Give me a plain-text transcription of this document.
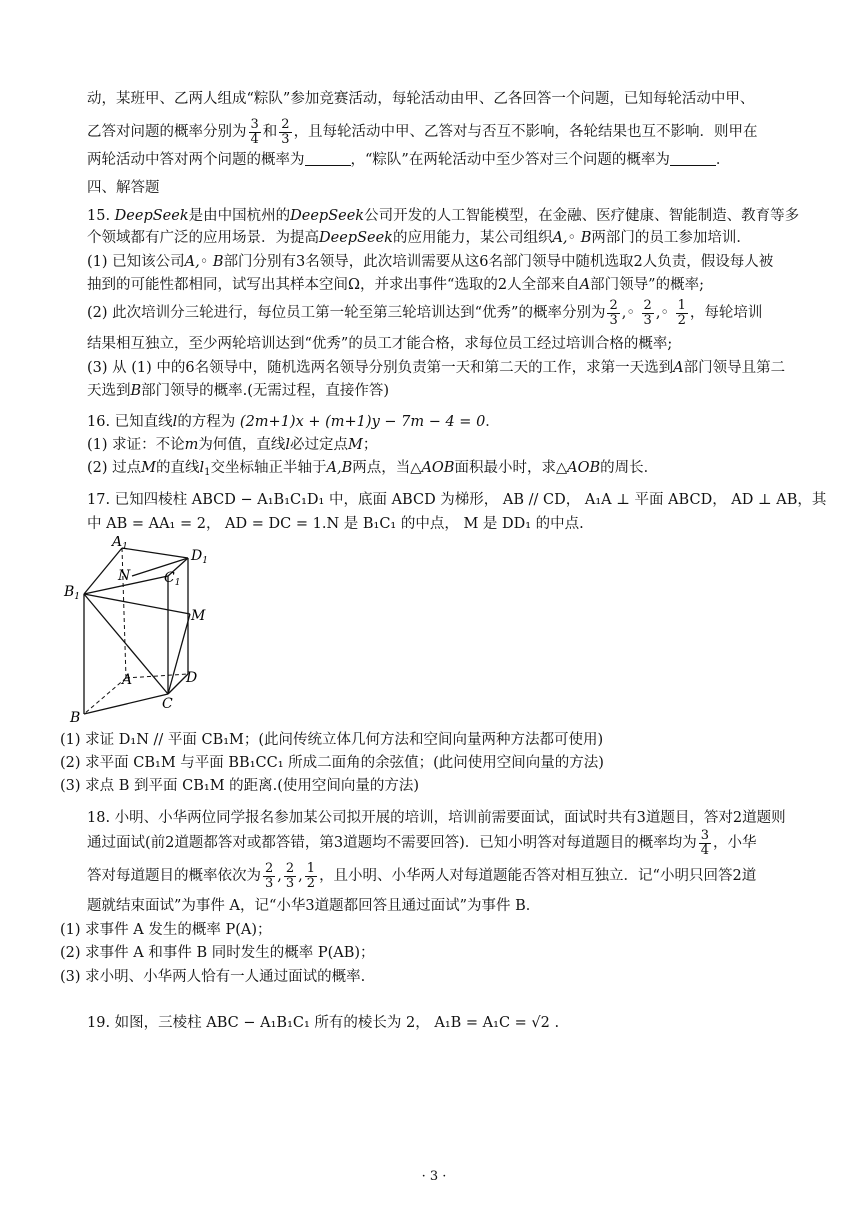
动，某班甲、乙两人组成“粽队”参加竞赛活动，每轮活动由甲、乙各回答一个问题，已知每轮活动中甲、
乙答对问题的概率分别为 $\frac{3}{4}$ 和 $\frac{2}{3}$ ，且每轮活动中甲、乙答对与否互不影响，各轮结果也互不影响．则甲在
两轮活动中答对两个问题的概率为	，“粽队”在两轮活动中至少答对三个问题的概率为	．
四、解答题
15. DeepSeek是由中国杭州的DeepSeek公司开发的人工智能模型，在金融、医疗健康、智能制造、教育等多
个领域都有广泛的应用场景．为提高DeepSeek的应用能力，某公司组织A,◦ B两部门的员工参加培训．
(1) 已知该公司A,◦ B部门分别有3名领导，此次培训需要从这6名部门领导中随机选取2人负责，假设每人被
抽到的可能性都相同，试写出其样本空间Ω，并求出事件“选取的2人全部来自A部门领导”的概率;
(2) 此次培训分三轮进行，每位员工第一轮至第三轮培训达到“优秀”的概率分别为 $\frac{2}{3}$ ,◦ $\frac{2}{3}$ ,◦ $\frac{1}{2}$ ，每轮培训
结果相互独立，至少两轮培训达到“优秀”的员工才能合格，求每位员工经过培训合格的概率;
(3) 从 (1) 中的6名领导中，随机选两名领导分别负责第一天和第二天的工作，求第一天选到A部门领导且第二
天选到B部门领导的概率.(无需过程，直接作答)
16. 已知直线l的方程为 (2m+1)x + (m+1)y − 7m − 4 = 0．
(1) 求证：不论m为何值，直线l必过定点M；
(2) 过点M的直线$l_1$交坐标轴正半轴于A,B两点，当△AOB面积最小时，求△AOB的周长．
17. 已知四棱柱 ABCD − A₁B₁C₁D₁ 中，底面 ABCD 为梯形， AB // CD， A₁A ⊥ 平面 ABCD， AD ⊥ AB，其
中 AB = AA₁ = 2， AD = DC = 1.N 是 B₁C₁ 的中点， M 是 DD₁ 的中点.
$A_1$
$D_1$
N $C_1$
$B_1$
M
A	D
C
B
(1) 求证 D₁N // 平面 CB₁M；(此问传统立体几何方法和空间向量两种方法都可使用)
(2) 求平面 CB₁M 与平面 BB₁CC₁ 所成二面角的余弦值；(此问使用空间向量的方法)
(3) 求点 B 到平面 CB₁M 的距离.(使用空间向量的方法)
18. 小明、小华两位同学报名参加某公司拟开展的培训，培训前需要面试，面试时共有3道题目，答对2道题则
通过面试(前2道题都答对或都答错，第3道题均不需要回答)．已知小明答对每道题目的概率均为 $\frac{3}{4}$ ，小华
答对每道题目的概率依次为 $\frac{2}{3}$ , $\frac{2}{3}$ , $\frac{1}{2}$ ，且小明、小华两人对每道题能否答对相互独立．记“小明只回答2道
题就结束面试”为事件 A，记“小华3道题都回答且通过面试”为事件 B．
(1) 求事件 A 发生的概率 P(A)；
(2) 求事件 A 和事件 B 同时发生的概率 P(AB)；
(3) 求小明、小华两人恰有一人通过面试的概率.
19. 如图，三棱柱 ABC − A₁B₁C₁ 所有的棱长为 2， A₁B = A₁C = √2 .
· 3 ·
